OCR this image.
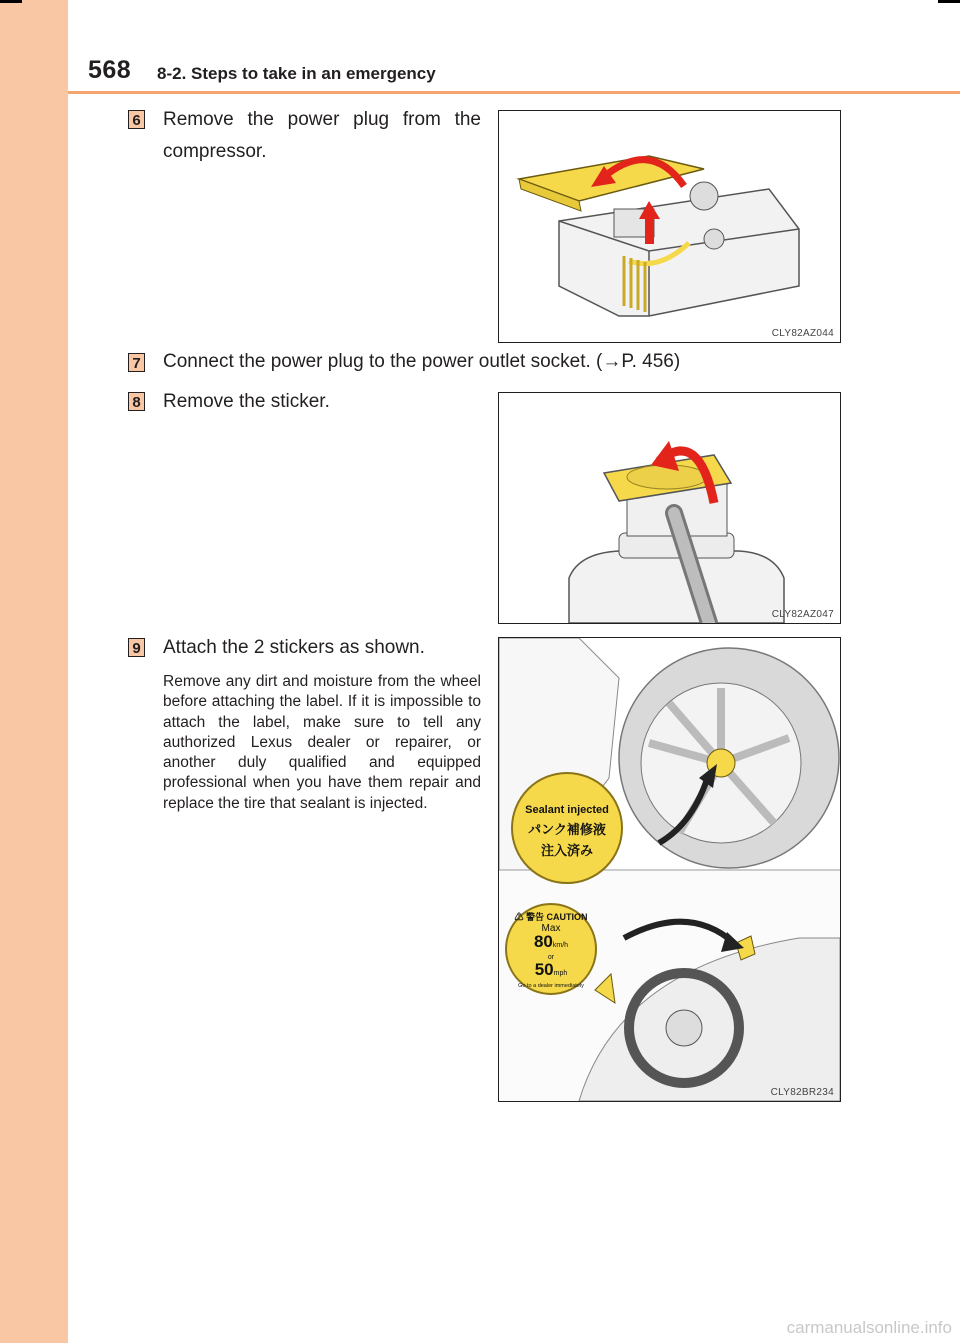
568 8-2. Steps to take in an emergency
6 Remove the power plug from the compressor.
CLY82AZ044
7 Connect the power plug to the power outlet socket. (→P. 456)
8 Remove the sticker.
CLY82AZ047
9 Attach the 2 stickers as shown.
Remove any dirt and moisture from the wheel before attaching the label. If it is impossible to attach the label, make sure to tell any authorized Lexus dealer or repairer, or another duly qualified and equipped professional when you have them repair and replace the tire that sealant is injected.	Sealant injected
パンク補修液
注入済み
⚠ 警告 CAUTION
Max
80km/h
or
50mph
Go to a dealer immediately
CLY82BR234
carmanualsonline.info
